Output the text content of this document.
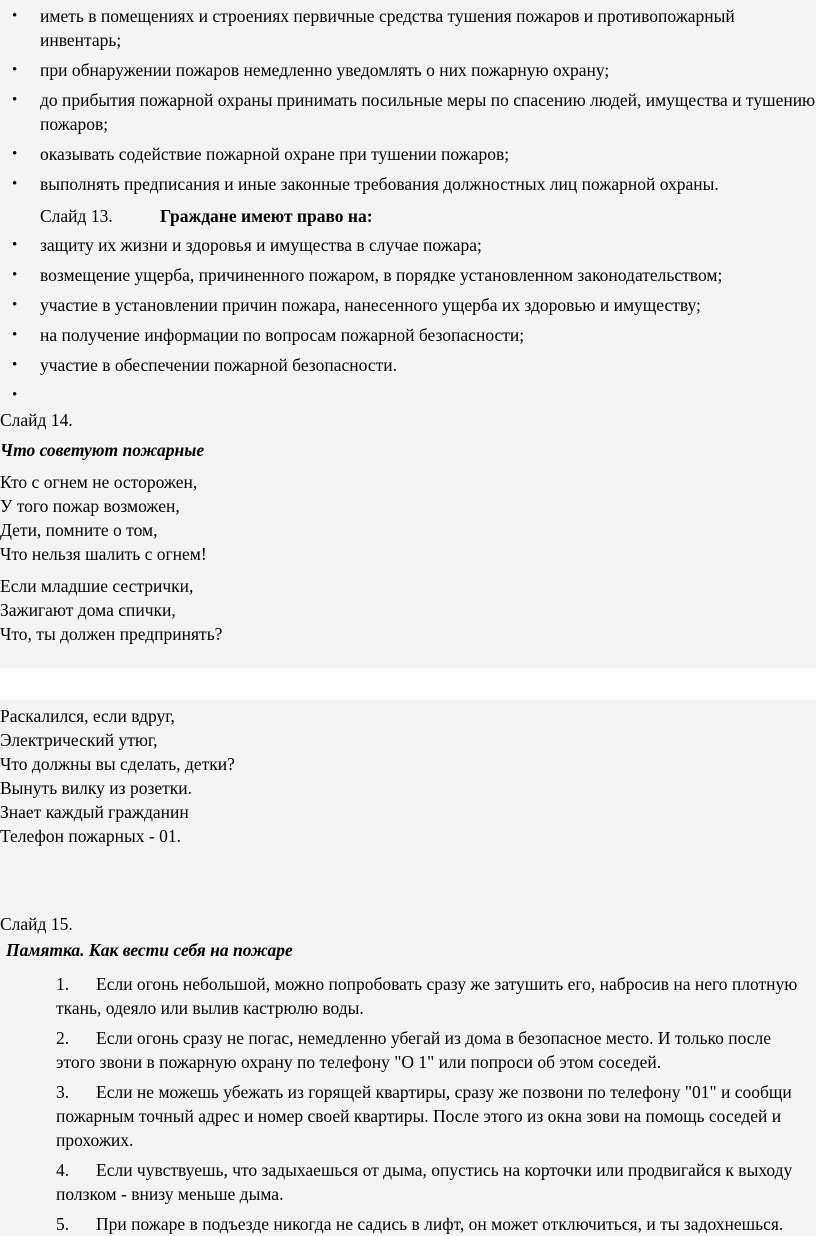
• иметь в помещениях и строениях первичные средства тушения пожаров и противопожарный инвентарь;
• при обнаружении пожаров немедленно уведомлять о них пожарную охрану;
• до прибытия пожарной охраны принимать посильные меры по спасению людей, имущества и тушению пожаров;
• оказывать содействие пожарной охране при тушении пожаров;
• выполнять предписания и иные законные требования должностных лиц пожарной охраны.
Слайд 13.	Граждане имеют право на:
• защиту их жизни и здоровья и имущества в случае пожара;
• возмещение ущерба, причиненного пожаром, в порядке установленном законодательством;
• участие в установлении причин пожара, нанесенного ущерба их здоровью и имуществу;
• на получение информации по вопросам пожарной безопасности;
• участие в обеспечении пожарной безопасности.

Слайд 14.

Что советуют пожарные

Кто с огнем не осторожен,
У того пожар возможен,
Дети, помните о том,
Что нельзя шалить с огнем!
Если младшие сестрички,
Зажигают дома спички,
Что, ты должен предпринять?
Раскалился, если вдруг,
Электрический утюг,
Что должны вы сделать, детки?
Вынуть вилку из розетки.
Знает каждый гражданин
Телефон пожарных - 01.

Слайд 15.

Памятка. Как вести себя на пожаре

1.	Если огонь небольшой, можно попробовать сразу же затушить его, набросив на него плотную ткань, одеяло или вылив кастрюлю воды.
2.	Если огонь сразу не погас, немедленно убегай из дома в безопасное место. И только после этого звони в пожарную охрану по телефону "О 1" или попроси об этом соседей.
3.	Если не можешь убежать из горящей квартиры, сразу же позвони по телефону "01" и сообщи пожарным точный адрес и номер своей квартиры. После этого из окна зови на помощь соседей и прохожих.
4.	Если чувствуешь, что задыхаешься от дыма, опустись на корточки или продвигайся к выходу ползком - внизу меньше дыма.
5.	При пожаре в подъезде никогда не садись в лифт, он может отключиться, и ты задохнешься.
